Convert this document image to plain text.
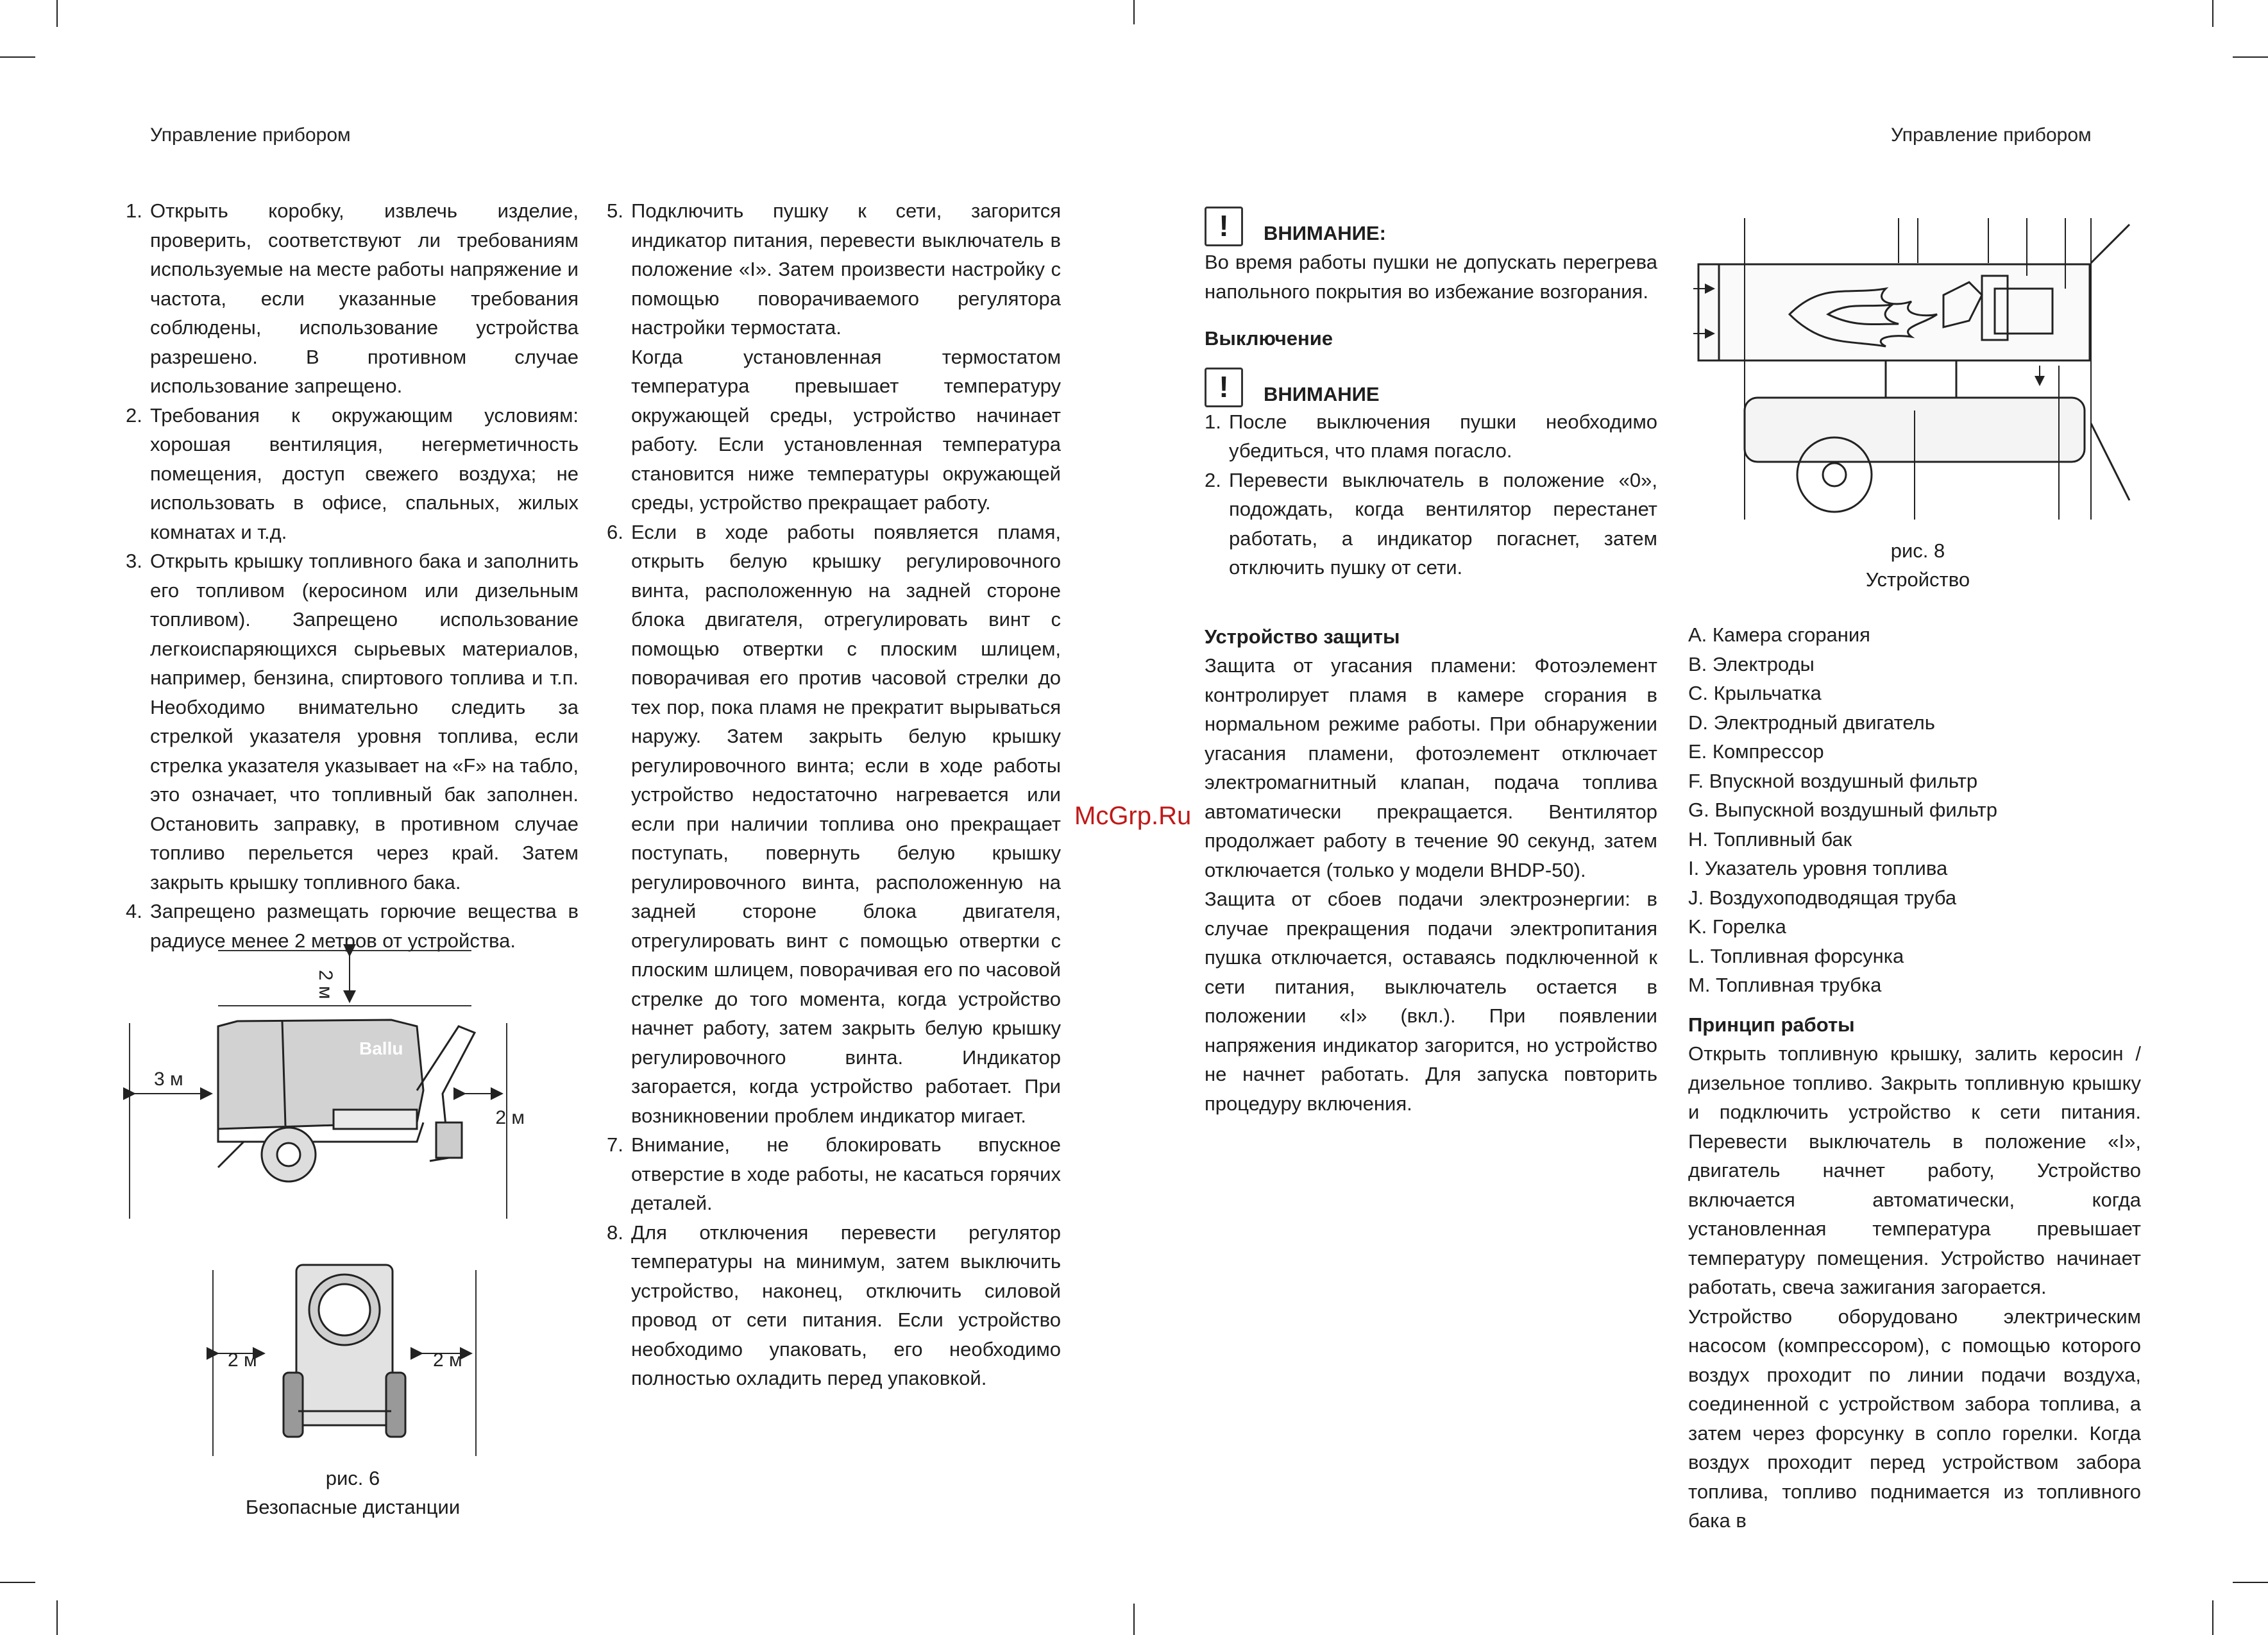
Управление прибором	Управление прибором
1. Открыть коробку, извлечь изделие, проверить, соответствуют ли требованиям используемые на месте работы напряжение и частота, если указанные требования соблюдены, использование устройства разрешено. В противном случае использование запрещено.
2. Требования к окружающим условиям: хорошая вентиляция, негерметичность помещения, доступ свежего воздуха; не использовать в офисе, спальных, жилых комнатах и т.д.
3. Открыть крышку топливного бака и заполнить его топливом (керосином или дизельным топливом). Запрещено использование легкоиспаряющихся сырьевых материалов, например, бензина, спиртового топлива и т.п. Необходимо внимательно следить за стрелкой указателя уровня топлива, если стрелка указателя указывает на «F» на табло, это означает, что топливный бак заполнен. Остановить заправку, в противном случае топливо перельется через край. Затем закрыть крышку топливного бака.
4. Запрещено размещать горючие вещества в радиусе менее 2 метров от устройства.
2 м
3 м
2 м
Ballu
2 м	2 м
рис. 6
Безопасные дистанции
5. Подключить пушку к сети, загорится индикатор питания, перевести выключатель в положение «I». Затем произвести настройку с помощью поворачиваемого регулятора настройки термостата.
Когда установленная термостатом температура превышает температуру окружающей среды, устройство начинает работу. Если установленная температура становится ниже температуры окружающей среды, устройство прекращает работу.
6. Если в ходе работы появляется пламя, открыть белую крышку регулировочного винта, расположенную на задней стороне блока двигателя, отрегулировать винт с помощью отвертки с плоским шлицем, поворачивая его против часовой стрелки до тех пор, пока пламя не прекратит вырываться наружу. Затем закрыть белую крышку регулировочного винта; если в ходе работы устройство недостаточно нагревается или если при наличии топлива оно прекращает поступать, повернуть белую крышку регулировочного винта, расположенную на задней стороне блока двигателя, отрегулировать винт с помощью отвертки с плоским шлицем, поворачивая его по часовой стрелке до того момента, когда устройство начнет работу, затем закрыть белую крышку регулировочного винта. Индикатор загорается, когда устройство работает. При возникновении проблем индикатор мигает.
7. Внимание, не блокировать впускное отверстие в ходе работы, не касаться горячих деталей.
8. Для отключения перевести регулятор температуры на минимум, затем выключить устройство, наконец, отключить силовой провод от сети питания. Если устройство необходимо упаковать, его необходимо полностью охладить перед упаковкой.
McGrp.Ru
!	ВНИМАНИЕ:

Во время работы пушки не допускать перегрева напольного покрытия во избежание возгорания.

Выключение
!	ВНИМАНИЕ
1. После выключения пушки необходимо убедиться, что пламя погасло.
2. Перевести выключатель в положение «0», подождать, когда вентилятор перестанет работать, а индикатор погаснет, затем отключить пушку от сети.
Устройство защиты

Защита от угасания пламени: Фотоэлемент контролирует пламя в камере сгорания в нормальном режиме работы. При обнаружении угасания пламени, фотоэлемент отключает электромагнитный клапан, подача топлива автоматически прекращается. Вентилятор продолжает работу в течение 90 секунд, затем отключается (только у модели BHDP-50).

Защита от сбоев подачи электроэнергии: в случае прекращения подачи электропитания пушка отключается, оставаясь подключенной к сети питания, выключатель остается в положении «I» (вкл.). При появлении напряжения индикатор загорится, но устройство не начнет работать. Для запуска повторить процедуру включения.

рис. 8
Устройство
A. Камера сгорания
B. Электроды
C. Крыльчатка
D. Электродный двигатель
E. Компрессор
F. Впускной воздушный фильтр
G. Выпускной воздушный фильтр
H. Топливный бак
I. Указатель уровня топлива
J. Воздухоподводящая труба
K. Горелка
L. Топливная форсунка
M. Топливная трубка
Принцип работы

Открыть топливную крышку, залить керосин / дизельное топливо. Закрыть топливную крышку и подключить устройство к сети питания. Перевести выключатель в положение «I», двигатель начнет работу, Устройство включается автоматически, когда установленная температура превышает температуру помещения. Устройство начинает работать, свеча зажигания загорается.

Устройство оборудовано электрическим насосом (компрессором), с помощью которого воздух проходит по линии подачи воздуха, соединенной с устройством забора топлива, а затем через форсунку в сопло горелки. Когда воздух проходит перед устройством забора топлива, топливо поднимается из топливного бака в
